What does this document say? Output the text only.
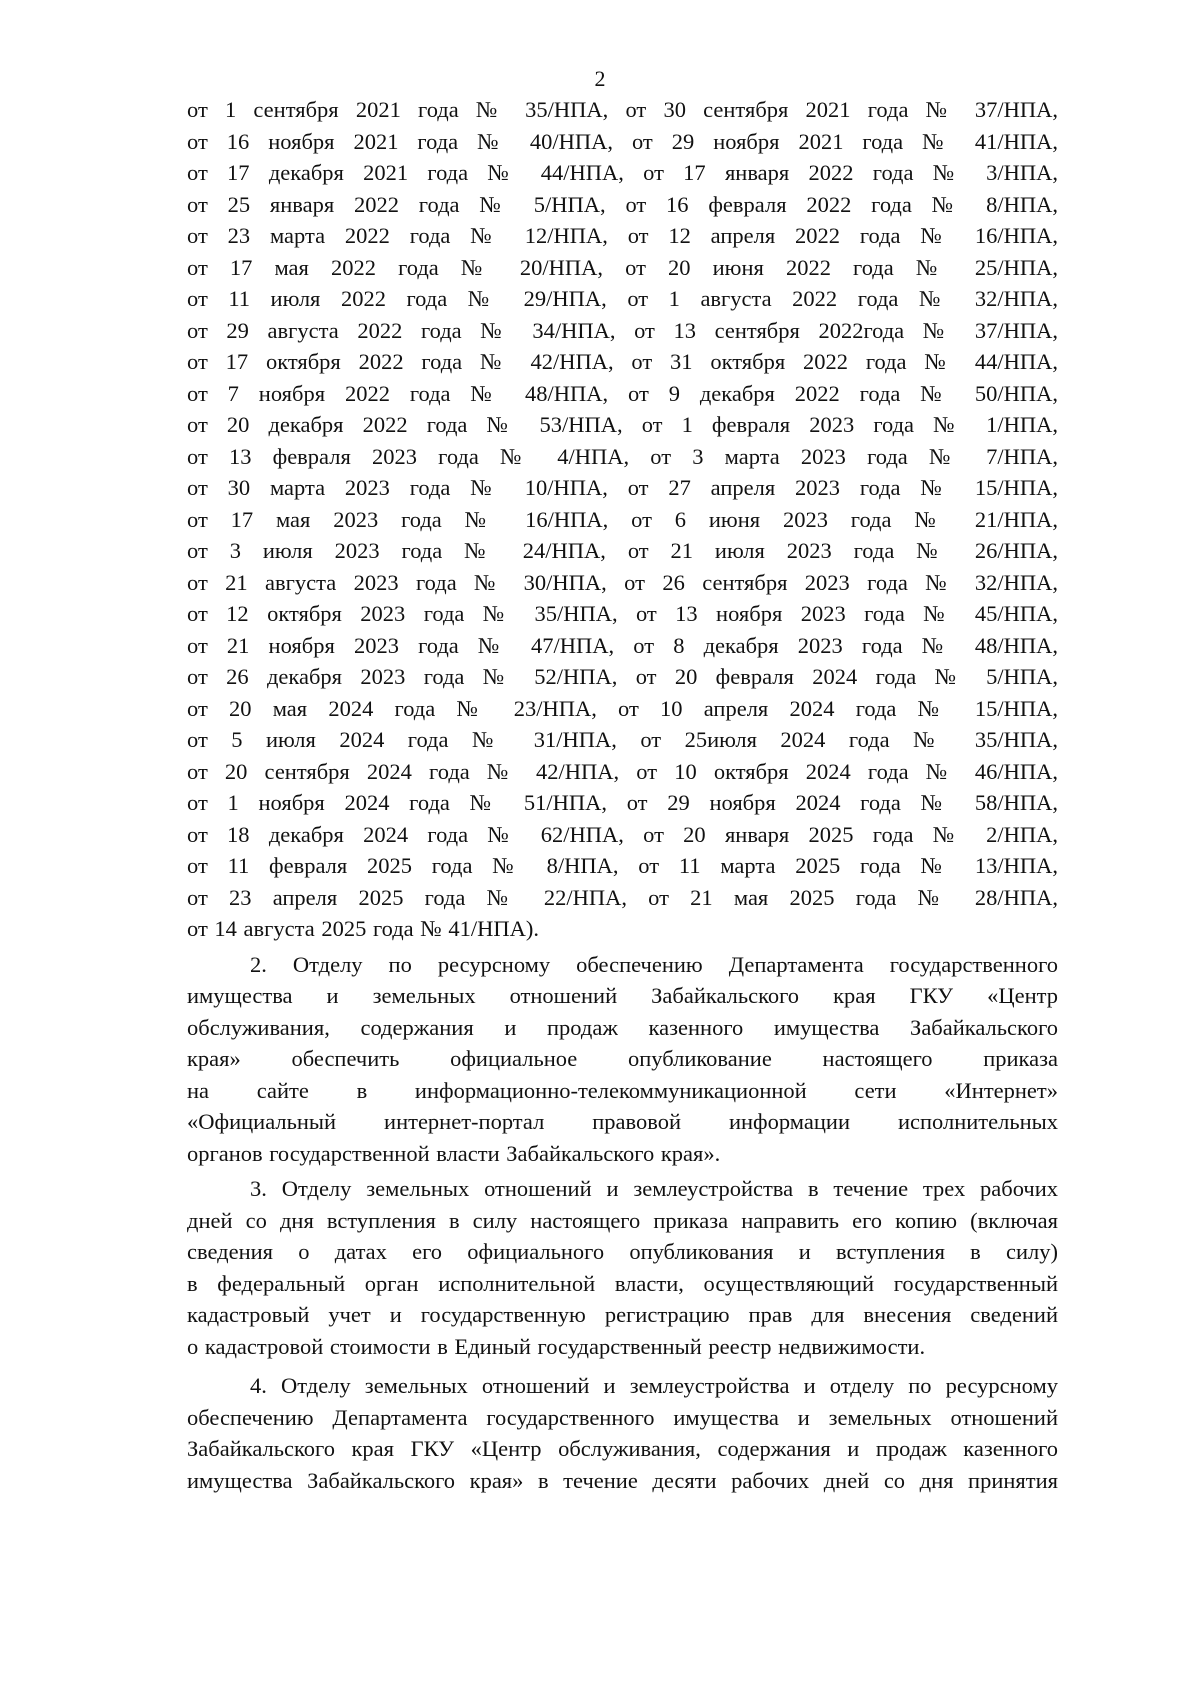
2
от 1 сентября 2021 года № 35/НПА, от 30 сентября 2021 года № 37/НПА,
от 16 ноября 2021 года № 40/НПА, от 29 ноября 2021 года № 41/НПА,
от 17 декабря 2021 года № 44/НПА, от 17 января 2022 года № 3/НПА,
от 25 января 2022 года № 5/НПА, от 16 февраля 2022 года № 8/НПА,
от 23 марта 2022 года № 12/НПА, от 12 апреля 2022 года № 16/НПА,
от 17 мая 2022 года № 20/НПА, от 20 июня 2022 года № 25/НПА,
от 11 июля 2022 года № 29/НПА, от 1 августа 2022 года № 32/НПА,
от 29 августа 2022 года № 34/НПА, от 13 сентября 2022года № 37/НПА,
от 17 октября 2022 года № 42/НПА, от 31 октября 2022 года № 44/НПА,
от 7 ноября 2022 года № 48/НПА, от 9 декабря 2022 года № 50/НПА,
от 20 декабря 2022 года № 53/НПА, от 1 февраля 2023 года № 1/НПА,
от 13 февраля 2023 года № 4/НПА, от 3 марта 2023 года № 7/НПА,
от 30 марта 2023 года № 10/НПА, от 27 апреля 2023 года № 15/НПА,
от 17 мая 2023 года № 16/НПА, от 6 июня 2023 года № 21/НПА,
от 3 июля 2023 года № 24/НПА, от 21 июля 2023 года № 26/НПА,
от 21 августа 2023 года № 30/НПА, от 26 сентября 2023 года № 32/НПА,
от 12 октября 2023 года № 35/НПА, от 13 ноября 2023 года № 45/НПА,
от 21 ноября 2023 года № 47/НПА, от 8 декабря 2023 года № 48/НПА,
от 26 декабря 2023 года № 52/НПА, от 20 февраля 2024 года № 5/НПА,
от 20 мая 2024 года № 23/НПА, от 10 апреля 2024 года № 15/НПА,
от 5 июля 2024 года № 31/НПА, от 25июля 2024 года № 35/НПА,
от 20 сентября 2024 года № 42/НПА, от 10 октября 2024 года № 46/НПА,
от 1 ноября 2024 года № 51/НПА, от 29 ноября 2024 года № 58/НПА,
от 18 декабря 2024 года № 62/НПА, от 20 января 2025 года № 2/НПА,
от 11 февраля 2025 года № 8/НПА, от 11 марта 2025 года № 13/НПА,
от 23 апреля 2025 года № 22/НПА, от 21 мая 2025 года № 28/НПА,
от 14 августа 2025 года № 41/НПА).
2. Отделу по ресурсному обеспечению Департамента государственного
имущества и земельных отношений Забайкальского края ГКУ «Центр
обслуживания, содержания и продаж казенного имущества Забайкальского
края» обеспечить официальное опубликование настоящего приказа
на сайте в информационно-телекоммуникационной сети «Интернет»
«Официальный интернет-портал правовой информации исполнительных
органов государственной власти Забайкальского края».
3. Отделу земельных отношений и землеустройства в течение трех рабочих
дней со дня вступления в силу настоящего приказа направить его копию (включая
сведения о датах его официального опубликования и вступления в силу)
в федеральный орган исполнительной власти, осуществляющий государственный
кадастровый учет и государственную регистрацию прав для внесения сведений
о кадастровой стоимости в Единый государственный реестр недвижимости.
4. Отделу земельных отношений и землеустройства и отделу по ресурсному
обеспечению Департамента государственного имущества и земельных отношений
Забайкальского края ГКУ «Центр обслуживания, содержания и продаж казенного
имущества Забайкальского края» в течение десяти рабочих дней со дня принятия
